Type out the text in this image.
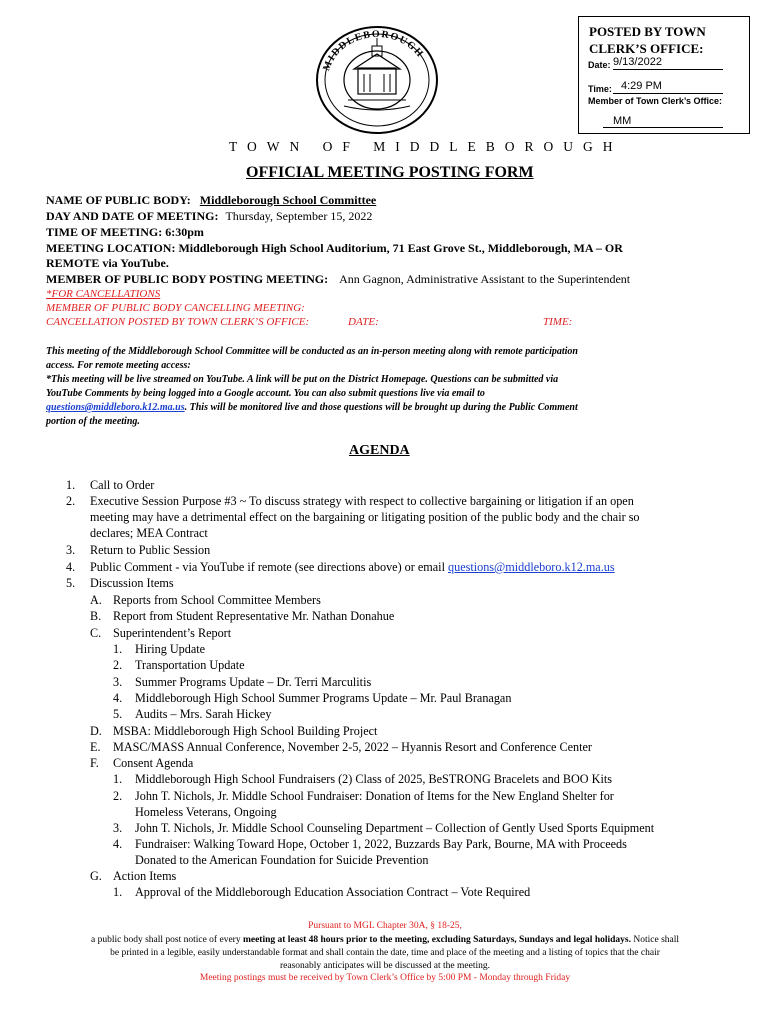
MIDDLEBOROUGH
POSTED BY TOWN
CLERK’S OFFICE:
Date: 9/13/2022
Time: 4:29 PM
Member of Town Clerk’s Office:
MM
TOWN OF MIDDLEBOROUGH
OFFICIAL MEETING POSTING FORM
NAME OF PUBLIC BODY: Middleborough School Committee
DAY AND DATE OF MEETING: Thursday, September 15, 2022
TIME OF MEETING: 6:30pm
MEETING LOCATION: Middleborough High School Auditorium, 71 East Grove St., Middleborough, MA – OR
REMOTE via YouTube.
MEMBER OF PUBLIC BODY POSTING MEETING: Ann Gagnon, Administrative Assistant to the Superintendent
*FOR CANCELLATIONS
MEMBER OF PUBLIC BODY CANCELLING MEETING:
CANCELLATION POSTED BY TOWN CLERK’S OFFICE:	DATE:	TIME:
This meeting of the Middleborough School Committee will be conducted as an in-person meeting along with remote participation
access. For remote meeting access:
*This meeting will be live streamed on YouTube. A link will be put on the District Homepage. Questions can be submitted via
YouTube Comments by being logged into a Google account. You can also submit questions live via email to
questions@middleboro.k12.ma.us. This will be monitored live and those questions will be brought up during the Public Comment
portion of the meeting.
AGENDA
1. Call to Order
2. Executive Session Purpose #3 ~ To discuss strategy with respect to collective bargaining or litigation if an open
meeting may have a detrimental effect on the bargaining or litigating position of the public body and the chair so
declares; MEA Contract
3. Return to Public Session
4. Public Comment - via YouTube if remote (see directions above) or email questions@middleboro.k12.ma.us
5. Discussion Items
A. Reports from School Committee Members
B. Report from Student Representative Mr. Nathan Donahue
C. Superintendent’s Report
1. Hiring Update
2. Transportation Update
3. Summer Programs Update – Dr. Terri Marculitis
4. Middleborough High School Summer Programs Update – Mr. Paul Branagan
5. Audits – Mrs. Sarah Hickey
D. MSBA: Middleborough High School Building Project
E. MASC/MASS Annual Conference, November 2-5, 2022 – Hyannis Resort and Conference Center
F. Consent Agenda
1. Middleborough High School Fundraisers (2) Class of 2025, BeSTRONG Bracelets and BOO Kits
2. John T. Nichols, Jr. Middle School Fundraiser: Donation of Items for the New England Shelter for
Homeless Veterans, Ongoing
3. John T. Nichols, Jr. Middle School Counseling Department – Collection of Gently Used Sports Equipment
4. Fundraiser: Walking Toward Hope, October 1, 2022, Buzzards Bay Park, Bourne, MA with Proceeds
Donated to the American Foundation for Suicide Prevention
G. Action Items
1. Approval of the Middleborough Education Association Contract – Vote Required
Pursuant to MGL Chapter 30A, § 18-25,
a public body shall post notice of every meeting at least 48 hours prior to the meeting, excluding Saturdays, Sundays and legal holidays. Notice shall
be printed in a legible, easily understandable format and shall contain the date, time and place of the meeting and a listing of topics that the chair
reasonably anticipates will be discussed at the meeting.
Meeting postings must be received by Town Clerk’s Office by 5:00 PM - Monday through Friday
